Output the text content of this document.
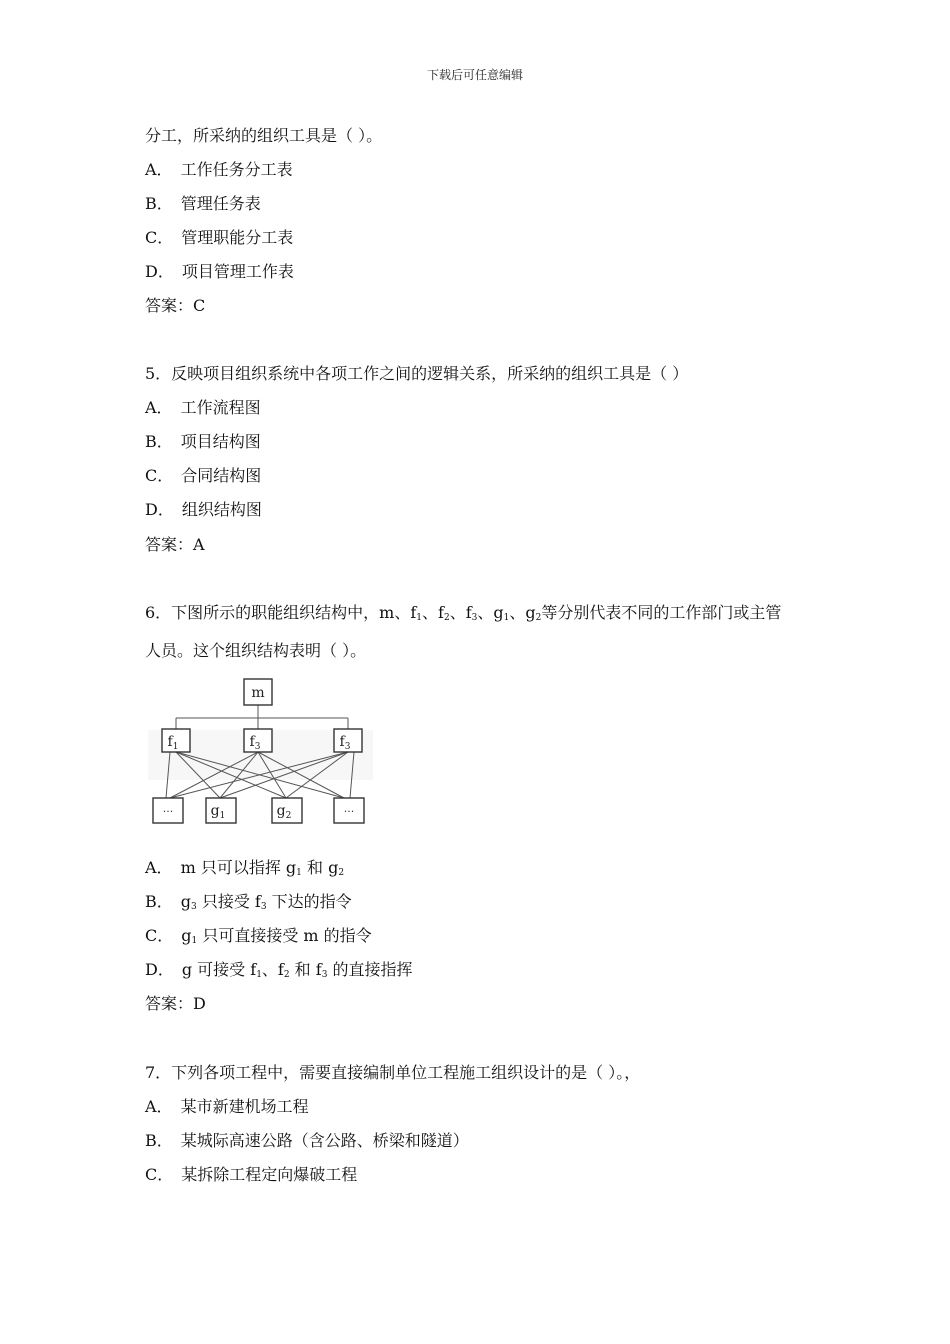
下载后可任意编辑
分工，所采纳的组织工具是（ ）。
A． 工作任务分工表
B． 管理任务表
C． 管理职能分工表
D． 项目管理工作表
答案：C
5．反映项目组织系统中各项工作之间的逻辑关系，所采纳的组织工具是（ ）
A． 工作流程图
B． 项目结构图
C． 合同结构图
D． 组织结构图
答案：A
6．下图所示的职能组织结构中，m、$f_1$、$f_2$、$f_3$、$g_1$、$g_2$等分别代表不同的工作部门或主管
人员。这个组织结构表明（ ）。
A． m 只可以指挥 $g_1$ 和 $g_2$
B． $g_3$ 只接受 $f_3$ 下达的指令
C． $g_1$ 只可直接接受 m 的指令
D． g 可接受 $f_1$、$f_2$ 和 $f_3$ 的直接指挥
答案：D
7．下列各项工程中，需要直接编制单位工程施工组织设计的是（ ）。，
A． 某市新建机场工程
B． 某城际高速公路（含公路、桥梁和隧道）
C． 某拆除工程定向爆破工程
m
$f_1$	$f_3$	$f_3$
···	$g_1$	$g_2$	···
